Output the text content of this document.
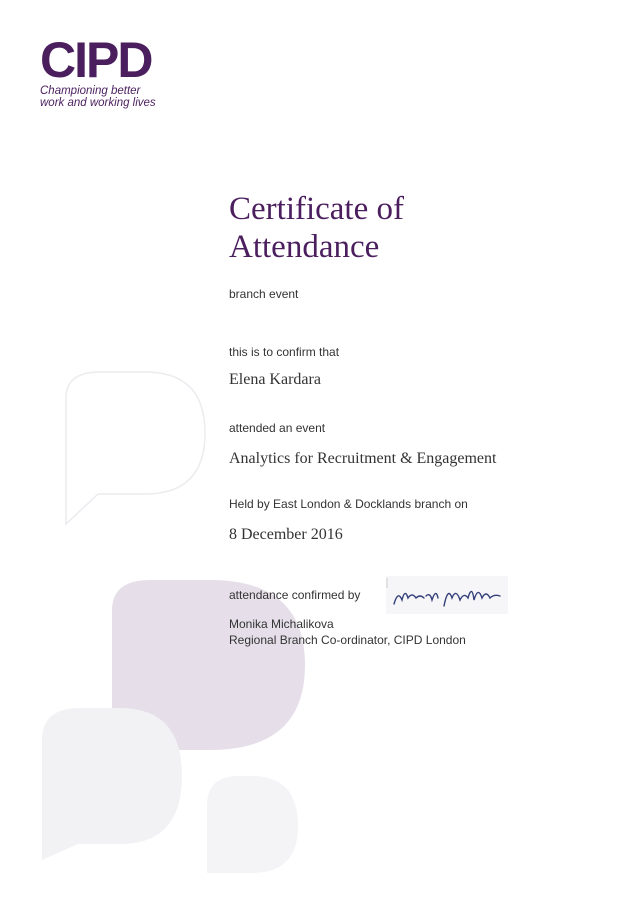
CIPD
Championing better
work and working lives
Certificate of
Attendance
branch event
this is to confirm that
Elena Kardara
attended an event
Analytics for Recruitment & Engagement
Held by East London & Docklands branch on
8 December 2016
attendance confirmed by
Monika Michalikova
Regional Branch Co-ordinator, CIPD London
